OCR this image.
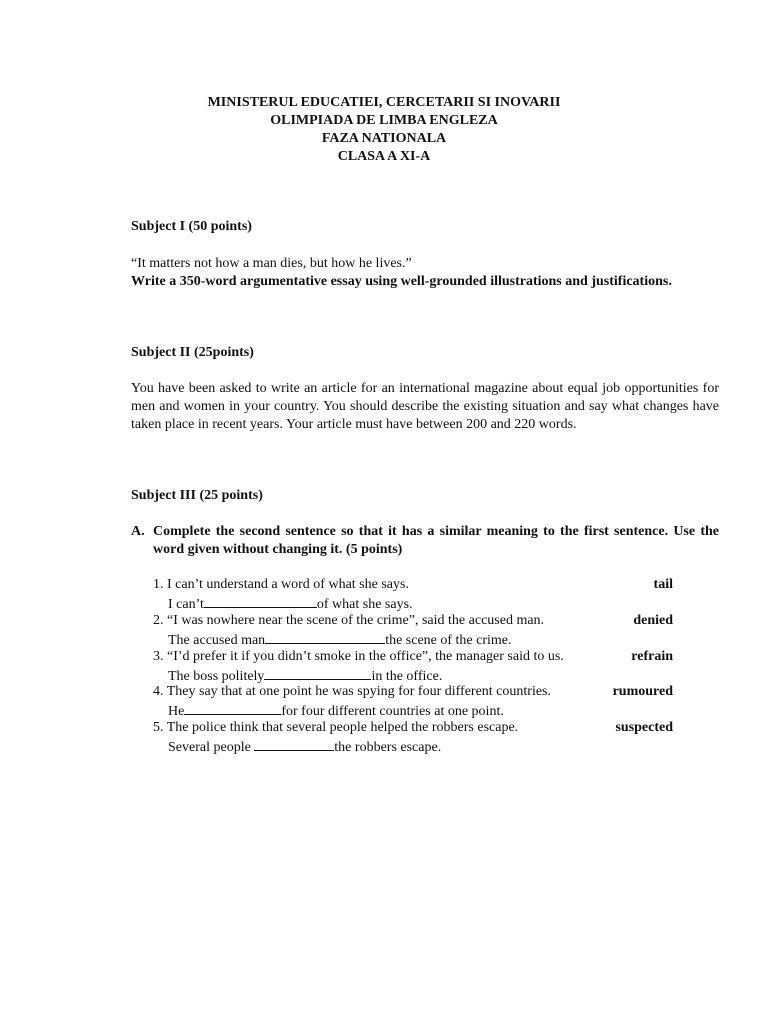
MINISTERUL EDUCATIEI, CERCETARII SI INOVARII
OLIMPIADA DE LIMBA ENGLEZA
FAZA NATIONALA
CLASA A XI-A
Subject I (50 points)
“It matters not how a man dies, but how he lives.”
Write a 350-word argumentative essay using well-grounded illustrations and justifications.
Subject II (25points)
You have been asked to write an article for an international magazine about equal job opportunities for men and women in your country. You should describe the existing situation and say what changes have taken place in recent years. Your article must have between 200 and 220 words.
Subject III (25 points)
A. Complete the second sentence so that it has a similar meaning to the first sentence. Use the word given without changing it. (5 points)
1. I can’t understand a word of what she says.	tail
I can’t	of what she says.
2. “I was nowhere near the scene of the crime”, said the accused man.	denied
The accused man	the scene of the crime.
3. “I’d prefer it if you didn’t smoke in the office”, the manager said to us.	refrain
The boss politely	in the office.
4. They say that at one point he was spying for four different countries.	rumoured
He	for four different countries at one point.
5. The police think that several people helped the robbers escape.	suspected
Several people	the robbers escape.
